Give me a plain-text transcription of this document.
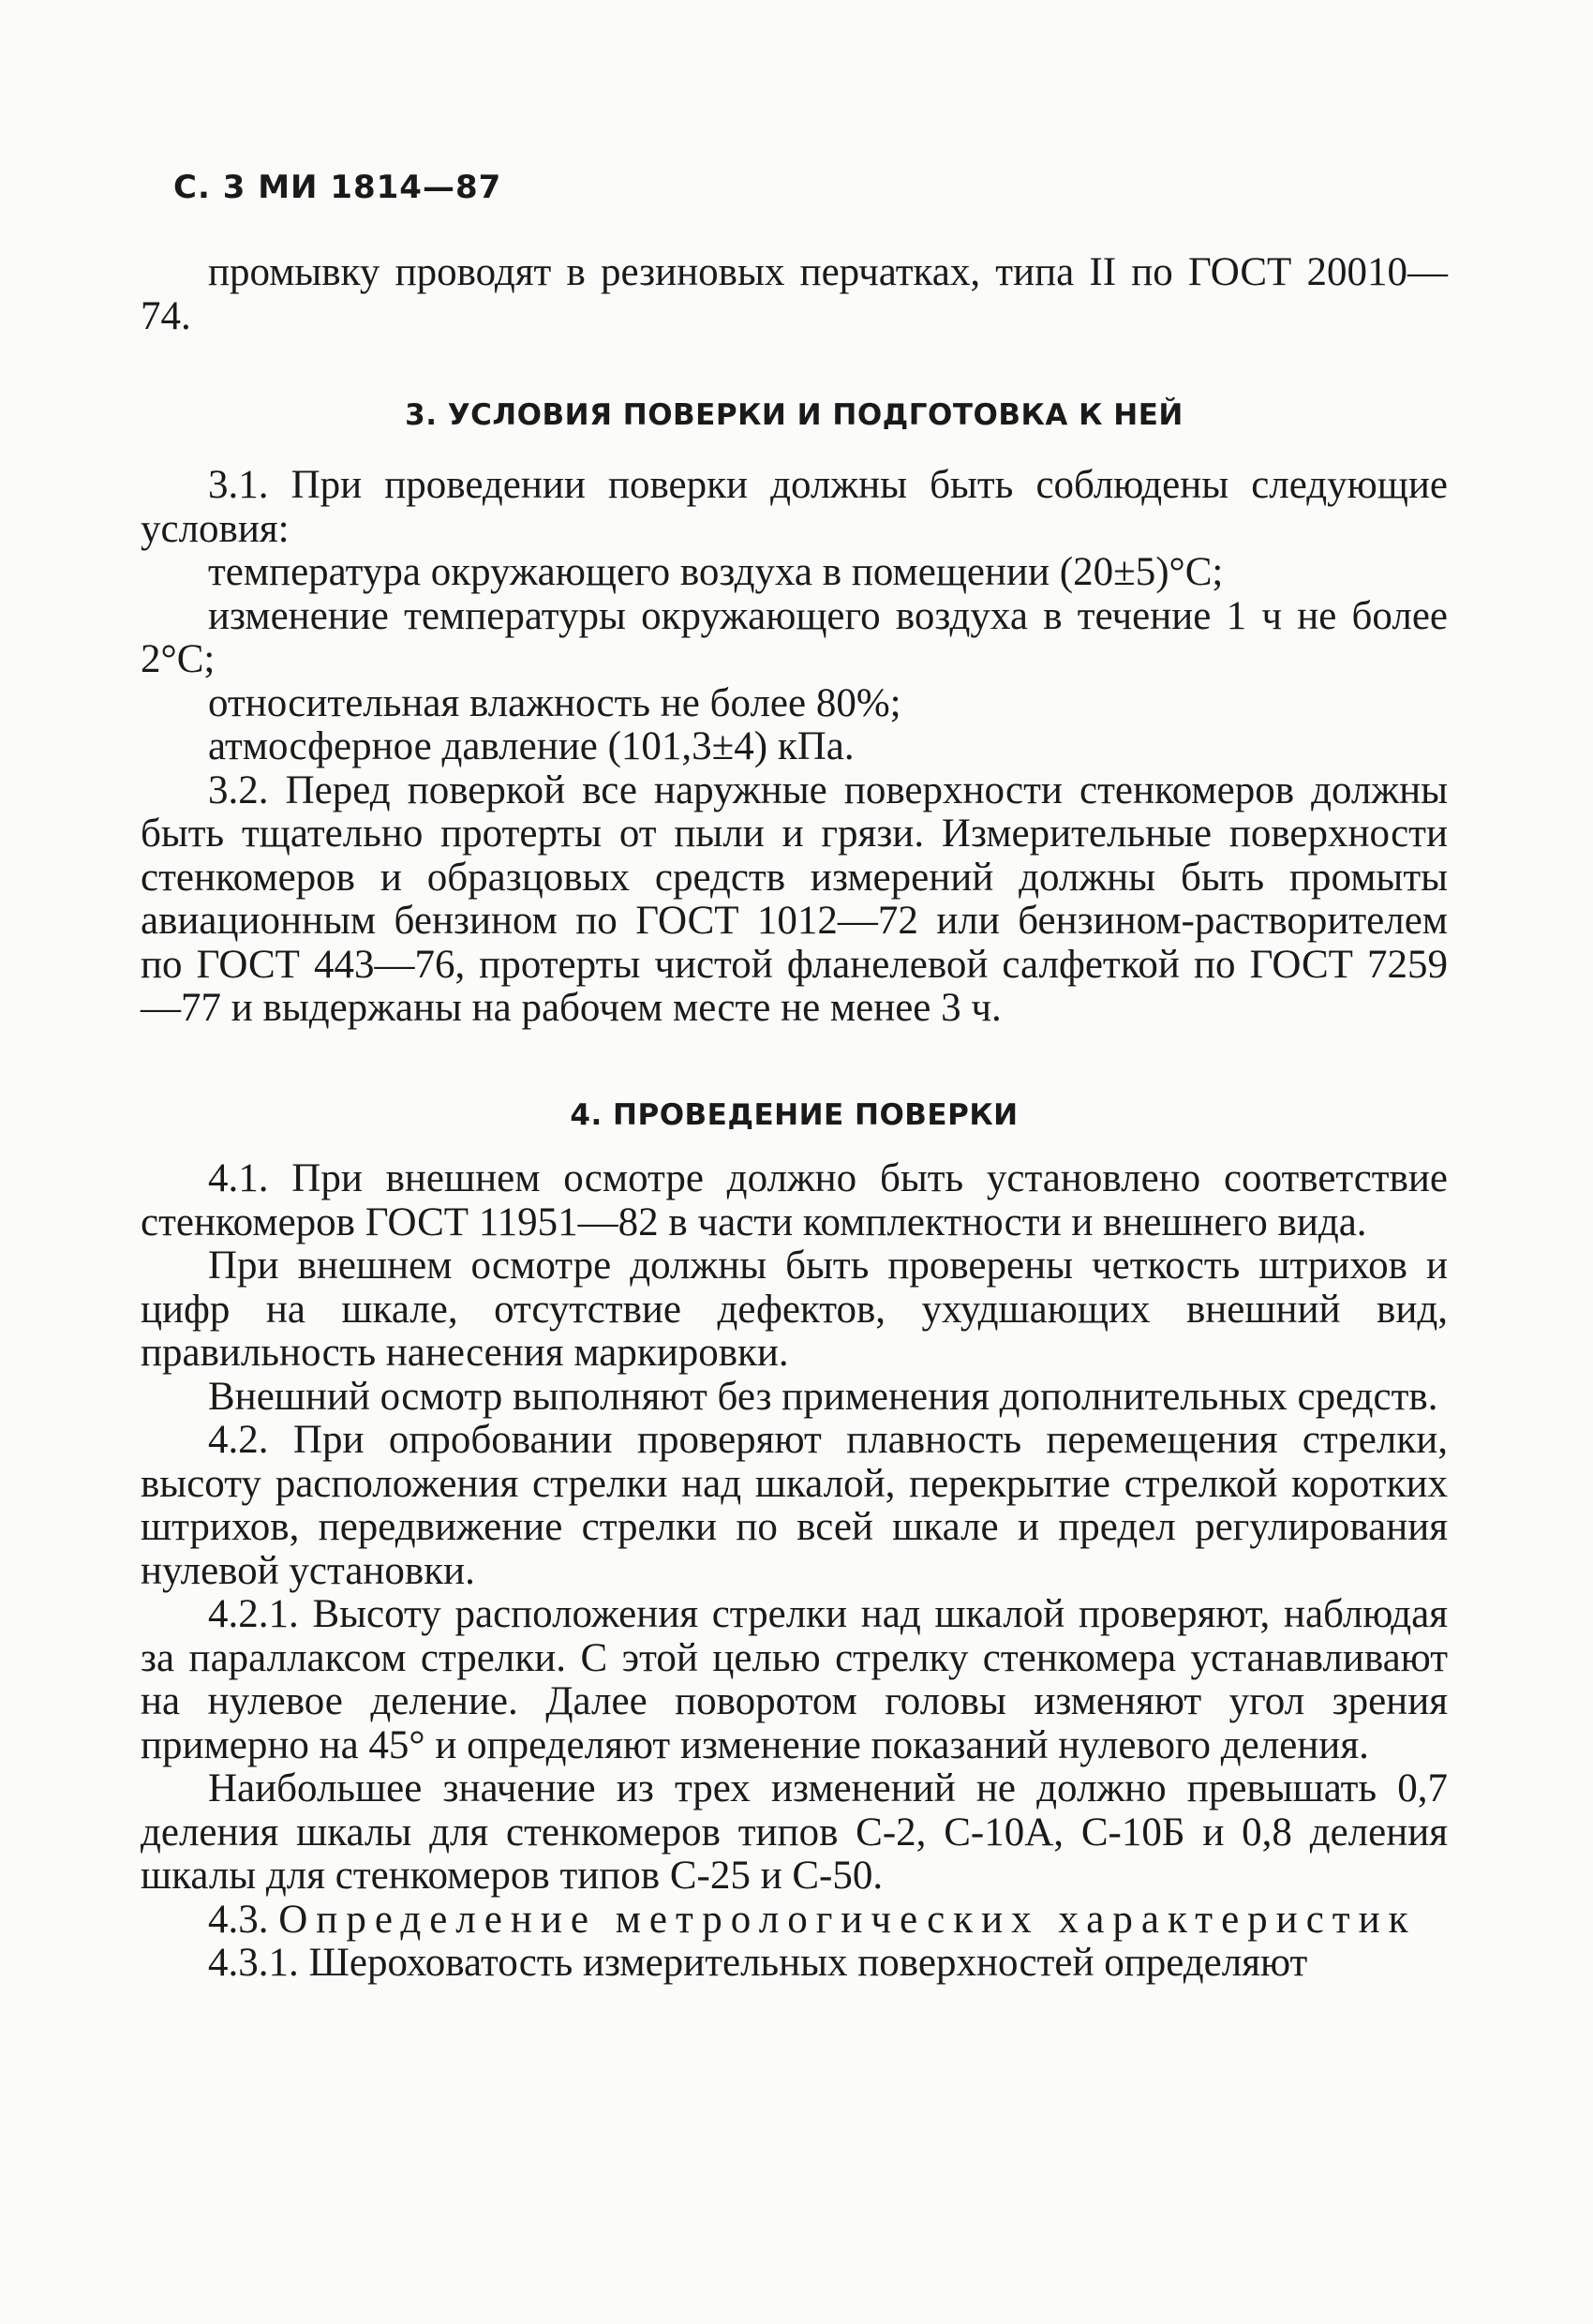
С. 3 МИ 1814—87

промывку проводят в резиновых перчатках, типа II по ГОСТ 20010—74.

3. УСЛОВИЯ ПОВЕРКИ И ПОДГОТОВКА К НЕЙ

3.1. При проведении поверки должны быть соблюдены следующие условия:

температура окружающего воздуха в помещении (20±5)°С;

изменение температуры окружающего воздуха в течение 1 ч не более 2°С;

относительная влажность не более 80%;

атмосферное давление (101,3±4) кПа.

3.2. Перед поверкой все наружные поверхности стенкомеров должны быть тщательно протерты от пыли и грязи. Измерительные поверхности стенкомеров и образцовых средств измерений должны быть промыты авиационным бензином по ГОСТ 1012—72 или бензином-растворителем по ГОСТ 443—76, протерты чистой фланелевой салфеткой по ГОСТ 7259—77 и выдержаны на рабочем месте не менее 3 ч.

4. ПРОВЕДЕНИЕ ПОВЕРКИ

4.1. При внешнем осмотре должно быть установлено соответствие стенкомеров ГОСТ 11951—82 в части комплектности и внешнего вида.

При внешнем осмотре должны быть проверены четкость штрихов и цифр на шкале, отсутствие дефектов, ухудшающих внешний вид, правильность нанесения маркировки.

Внешний осмотр выполняют без применения дополнительных средств.

4.2. При опробовании проверяют плавность перемещения стрелки, высоту расположения стрелки над шкалой, перекрытие стрелкой коротких штрихов, передвижение стрелки по всей шкале и предел регулирования нулевой установки.

4.2.1. Высоту расположения стрелки над шкалой проверяют, наблюдая за параллаксом стрелки. С этой целью стрелку стенкомера устанавливают на нулевое деление. Далее поворотом головы изменяют угол зрения примерно на 45° и определяют изменение показаний нулевого деления.

Наибольшее значение из трех изменений не должно превышать 0,7 деления шкалы для стенкомеров типов С-2, С-10А, С-10Б и 0,8 деления шкалы для стенкомеров типов С-25 и С-50.

4.3. Определение метрологических характеристик

4.3.1. Шероховатость измерительных поверхностей определяют
